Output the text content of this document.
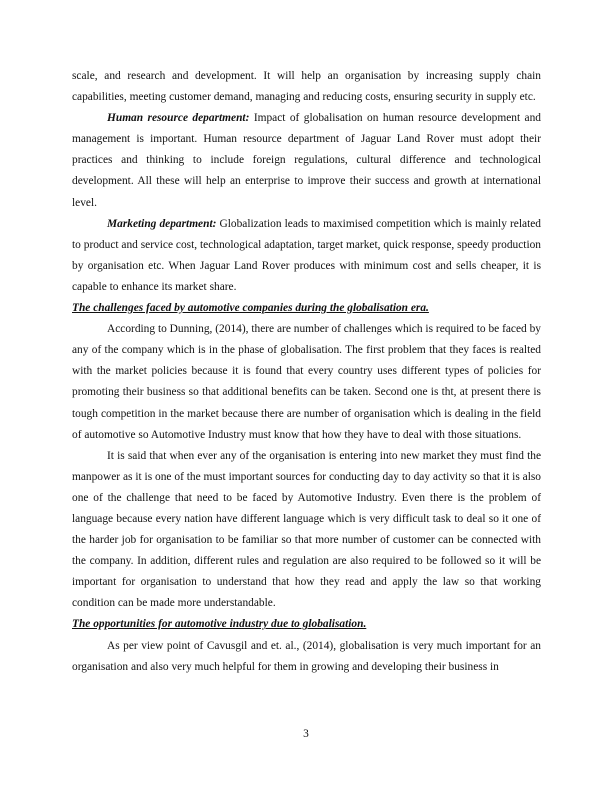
scale, and research and development. It will help an organisation by increasing supply chain capabilities, meeting customer demand, managing and reducing costs, ensuring security in supply etc.

Human resource department: Impact of globalisation on human resource development and management is important. Human resource department of Jaguar Land Rover must adopt their practices and thinking to include foreign regulations, cultural difference and technological development. All these will help an enterprise to improve their success and growth at international level.

Marketing department: Globalization leads to maximised competition which is mainly related to product and service cost, technological adaptation, target market, quick response, speedy production by organisation etc. When Jaguar Land Rover produces with minimum cost and sells cheaper, it is capable to enhance its market share.

The challenges faced by automotive companies during the globalisation era.

According to Dunning, (2014), there are number of challenges which is required to be faced by any of the company which is in the phase of globalisation. The first problem that they faces is realted with the market policies because it is found that every country uses different types of policies for promoting their business so that additional benefits can be taken. Second one is tht, at present there is tough competition in the market because there are number of organisation which is dealing in the field of automotive so Automotive Industry must know that how they have to deal with those situations.

It is said that when ever any of the organisation is entering into new market they must find the manpower as it is one of the must important sources for conducting day to day activity so that it is also one of the challenge that need to be faced by Automotive Industry. Even there is the problem of language because every nation have different language which is very difficult task to deal so it one of the harder job for organisation to be familiar so that more number of customer can be connected with the company. In addition, different rules and regulation are also required to be followed so it will be important for organisation to understand that how they read and apply the law so that working condition can be made more understandable.

The opportunities for automotive industry due to globalisation.

As per view point of Cavusgil and et. al., (2014), globalisation is very much important for an organisation and also very much helpful for them in growing and developing their business in

3
